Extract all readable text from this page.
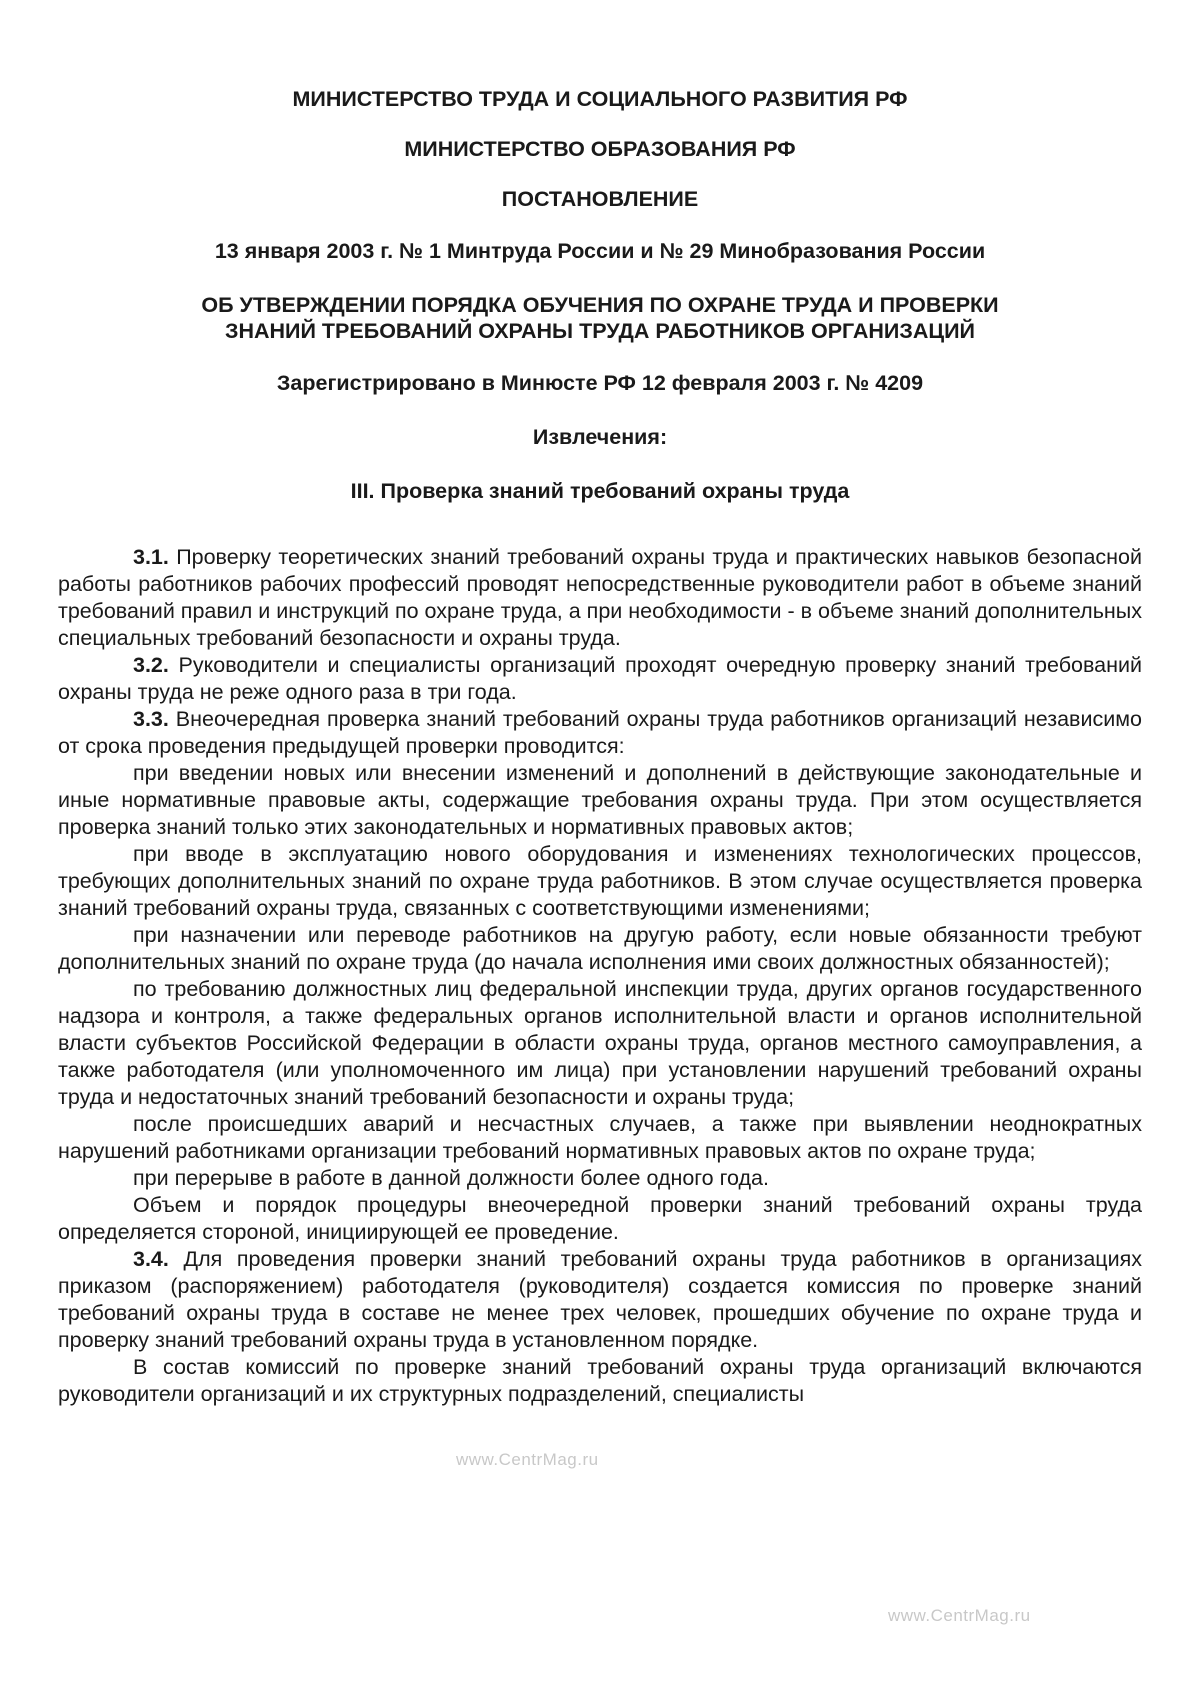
МИНИСТЕРСТВО ТРУДА И СОЦИАЛЬНОГО РАЗВИТИЯ РФ
МИНИСТЕРСТВО ОБРАЗОВАНИЯ РФ
ПОСТАНОВЛЕНИЕ
13 января 2003 г. № 1 Минтруда России и № 29 Минобразования России
ОБ УТВЕРЖДЕНИИ ПОРЯДКА ОБУЧЕНИЯ ПО ОХРАНЕ ТРУДА И ПРОВЕРКИ
ЗНАНИЙ ТРЕБОВАНИЙ ОХРАНЫ ТРУДА РАБОТНИКОВ ОРГАНИЗАЦИЙ
Зарегистрировано в Минюсте РФ 12 февраля 2003 г. № 4209
Извлечения:
III. Проверка знаний требований охраны труда

3.1. Проверку теоретических знаний требований охраны труда и практических навыков безопасной работы работников рабочих профессий проводят непосредственные руководители работ в объеме знаний требований правил и инструкций по охране труда, а при необходимости - в объеме знаний дополнительных специальных требований безопасности и охраны труда.

3.2. Руководители и специалисты организаций проходят очередную проверку знаний требований охраны труда не реже одного раза в три года.

3.3. Внеочередная проверка знаний требований охраны труда работников организаций независимо от срока проведения предыдущей проверки проводится:

при введении новых или внесении изменений и дополнений в действующие законодательные и иные нормативные правовые акты, содержащие требования охраны труда. При этом осуществляется проверка знаний только этих законодательных и нормативных правовых актов;

при вводе в эксплуатацию нового оборудования и изменениях технологических процессов, требующих дополнительных знаний по охране труда работников. В этом случае осуществляется проверка знаний требований охраны труда, связанных с соответствующими изменениями;

при назначении или переводе работников на другую работу, если новые обязанности требуют дополнительных знаний по охране труда (до начала исполнения ими своих должностных обязанностей);

по требованию должностных лиц федеральной инспекции труда, других органов государственного надзора и контроля, а также федеральных органов исполнительной власти и органов исполнительной власти субъектов Российской Федерации в области охраны труда, органов местного самоуправления, а также работодателя (или уполномоченного им лица) при установлении нарушений требований охраны труда и недостаточных знаний требований безопасности и охраны труда;

после происшедших аварий и несчастных случаев, а также при выявлении неоднократных нарушений работниками организации требований нормативных правовых актов по охране труда;

при перерыве в работе в данной должности более одного года.

Объем и порядок процедуры внеочередной проверки знаний требований охраны труда определяется стороной, инициирующей ее проведение.

3.4. Для проведения проверки знаний требований охраны труда работников в организациях приказом (распоряжением) работодателя (руководителя) создается комиссия по проверке знаний требований охраны труда в составе не менее трех человек, прошедших обучение по охране труда и проверку знаний требований охраны труда в установленном порядке.

В состав комиссий по проверке знаний требований охраны труда организаций включаются руководители организаций и их структурных подразделений, специалисты

www.CentrMag.ru
www.CentrMag.ru
